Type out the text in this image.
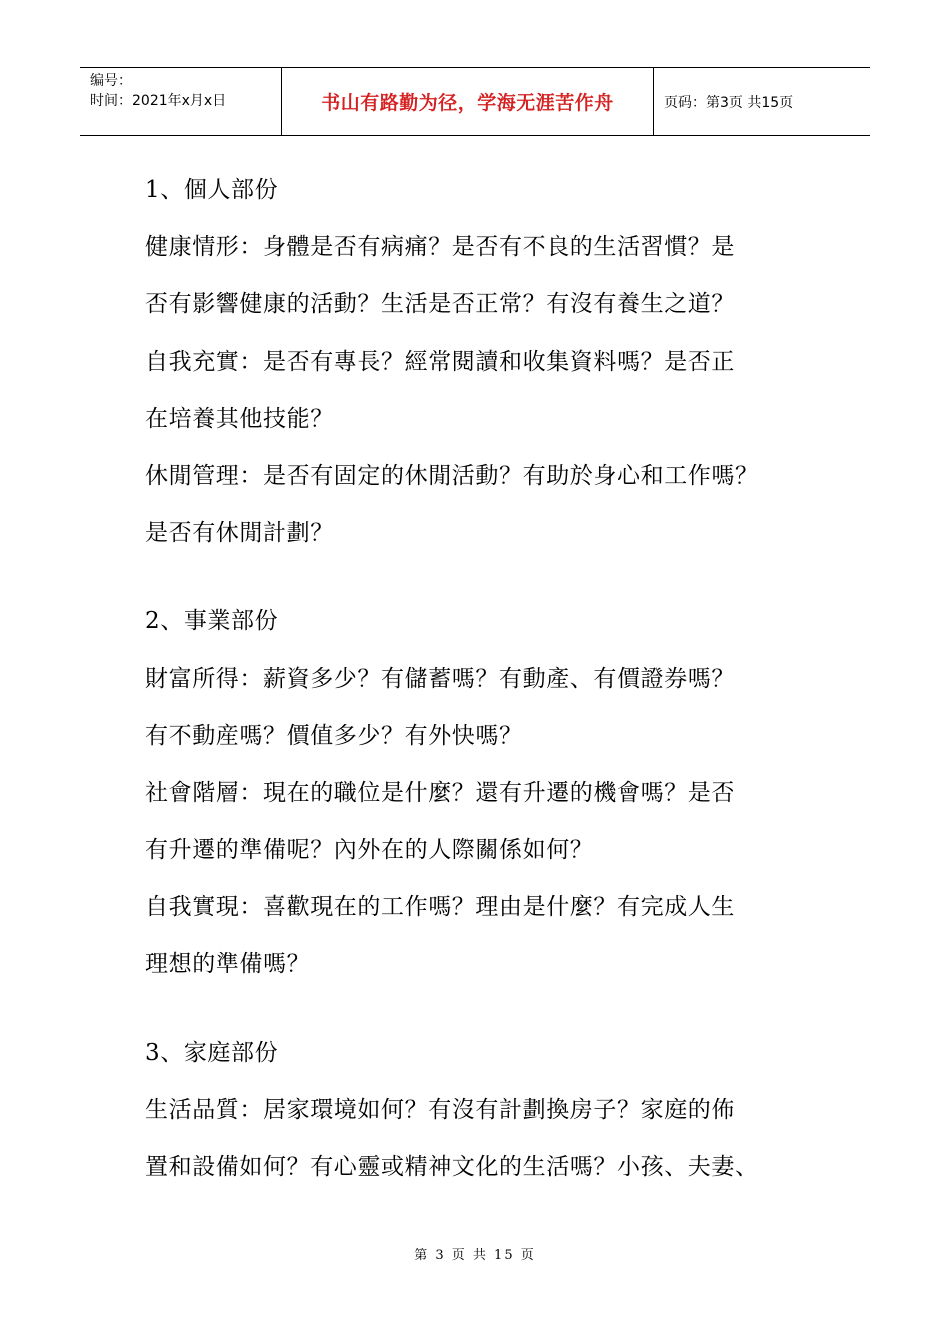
编号：
时间：2021年x月x日	书山有路勤为径，学海无涯苦作舟	页码：第3页 共15页
1、個人部份
健康情形：身體是否有病痛？是否有不良的生活習慣？是
否有影響健康的活動？生活是否正常？有沒有養生之道？
自我充實：是否有專長？經常閱讀和收集資料嗎？是否正
在培養其他技能？
休閒管理：是否有固定的休閒活動？有助於身心和工作嗎？
是否有休閒計劃？
2、事業部份
財富所得：薪資多少？有儲蓄嗎？有動產、有價證券嗎？
有不動産嗎？價值多少？有外快嗎？
社會階層：現在的職位是什麼？還有升遷的機會嗎？是否
有升遷的準備呢？內外在的人際關係如何？
自我實現：喜歡現在的工作嗎？理由是什麼？有完成人生
理想的準備嗎？
3、家庭部份
生活品質：居家環境如何？有沒有計劃換房子？家庭的佈
置和設備如何？有心靈或精神文化的生活嗎？小孩、夫妻、
第 3 页 共 15 页
